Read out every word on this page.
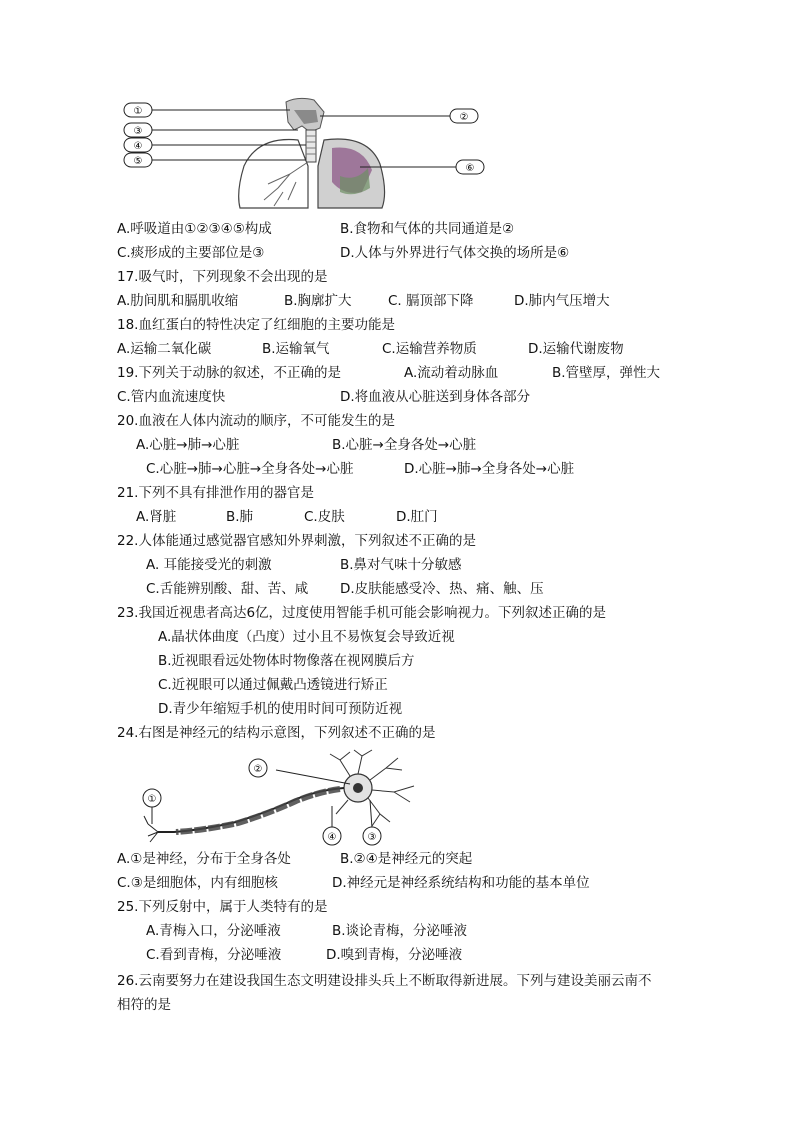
①
③
④
⑤
②
⑥
A.呼吸道由①②③④⑤构成	B.食物和气体的共同通道是②
C.痰形成的主要部位是③	D.人体与外界进行气体交换的场所是⑥
17.吸气时，下列现象不会出现的是
A.肋间肌和膈肌收缩	B.胸廓扩大	C. 膈顶部下降	D.肺内气压增大
18.血红蛋白的特性决定了红细胞的主要功能是
A.运输二氧化碳	B.运输氧气	C.运输营养物质	D.运输代谢废物
19.下列关于动脉的叙述，不正确的是	A.流动着动脉血	B.管壁厚，弹性大
C.管内血流速度快	D.将血液从心脏送到身体各部分
20.血液在人体内流动的顺序，不可能发生的是
A.心脏→肺→心脏	B.心脏→全身各处→心脏
C.心脏→肺→心脏→全身各处→心脏	D.心脏→肺→全身各处→心脏
21.下列不具有排泄作用的器官是
A.肾脏	B.肺	C.皮肤	D.肛门
22.人体能通过感觉器官感知外界刺激，下列叙述不正确的是
A. 耳能接受光的刺激	B.鼻对气味十分敏感
C.舌能辨别酸、甜、苦、咸 D.皮肤能感受冷、热、痛、触、压
23.我国近视患者高达6亿，过度使用智能手机可能会影响视力。下列叙述正确的是
A.晶状体曲度（凸度）过小且不易恢复会导致近视
B.近视眼看远处物体时物像落在视网膜后方
C.近视眼可以通过佩戴凸透镜进行矫正
D.青少年缩短手机的使用时间可预防近视
24.右图是神经元的结构示意图，下列叙述不正确的是
①
②
③
④
A.①是神经，分布于全身各处	B.②④是神经元的突起
C.③是细胞体，内有细胞核	D.神经元是神经系统结构和功能的基本单位
25.下列反射中，属于人类特有的是
A.青梅入口，分泌唾液	B.谈论青梅，分泌唾液
C.看到青梅，分泌唾液	D.嗅到青梅，分泌唾液
26.云南要努力在建设我国生态文明建设排头兵上不断取得新进展。下列与建设美丽云南不
相符的是
